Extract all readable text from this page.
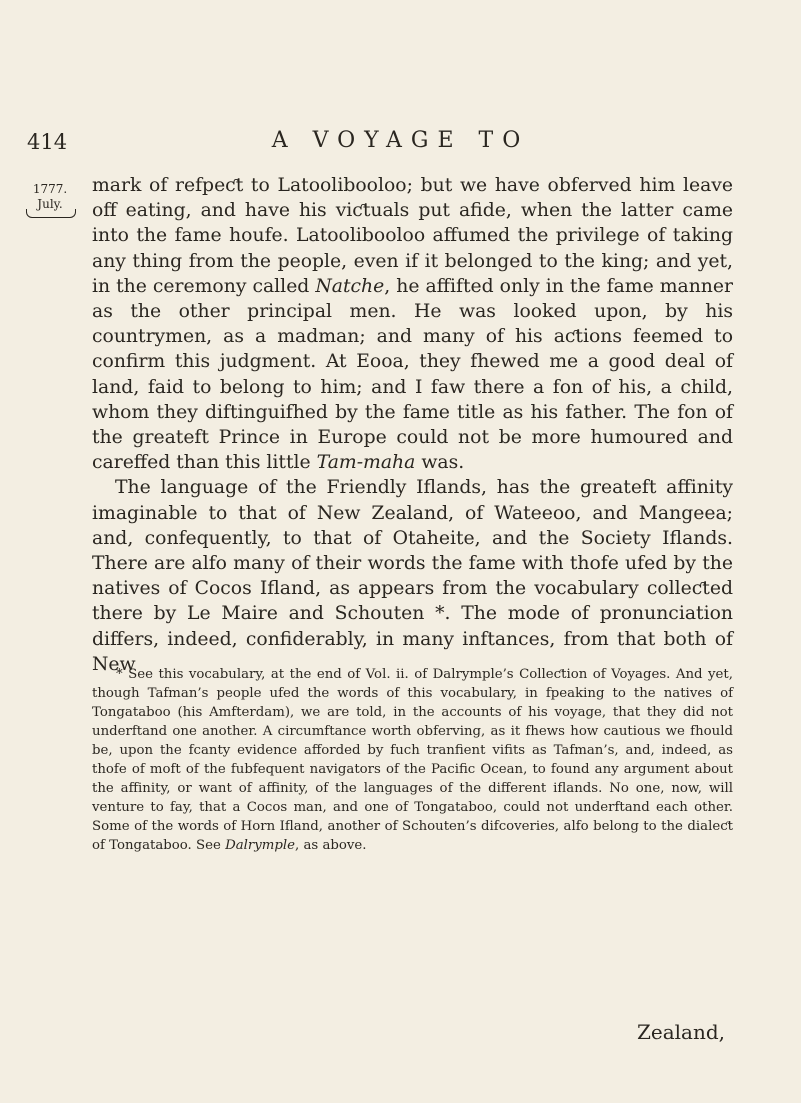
414	A VOYAGE TO
1777.
July.

mark of refpeƈt to Latoolibooloo; but we have obferved him leave off eating, and have his viƈtuals put afide, when the latter came into the fame houfe. Latoolibooloo affumed the privilege of taking any thing from the people, even if it belonged to the king; and yet, in the ceremony called Natche, he affifted only in the fame manner as the other principal men. He was looked upon, by his countrymen, as a madman; and many of his aƈtions feemed to confirm this judgment. At Eooa, they fhewed me a good deal of land, faid to belong to him; and I faw there a fon of his, a child, whom they diftinguifhed by the fame title as his father. The fon of the greateft Prince in Europe could not be more humoured and careffed than this little Tam-maha was.

The language of the Friendly Iflands, has the greateft affinity imaginable to that of New Zealand, of Wateeoo, and Mangeea; and, confequently, to that of Otaheite, and the Society Iflands. There are alfo many of their words the fame with thofe ufed by the natives of Cocos Ifland, as appears from the vocabulary colleƈted there by Le Maire and Schouten *. The mode of pronunciation differs, indeed, confiderably, in many inftances, from that both of New

* See this vocabulary, at the end of Vol. ii. of Dalrymple’s Colleƈtion of Voyages. And yet, though Tafman’s people ufed the words of this vocabulary, in fpeaking to the natives of Tongataboo (his Amfterdam), we are told, in the accounts of his voyage, that they did not underftand one another. A circumftance worth obferving, as it fhews how cautious we fhould be, upon the fcanty evidence afforded by fuch tranfient vifits as Tafman’s, and, indeed, as thofe of moft of the fubfequent navigators of the Pacific Ocean, to found any argument about the affinity, or want of affinity, of the languages of the different iflands. No one, now, will venture to fay, that a Cocos man, and one of Tongataboo, could not underftand each other. Some of the words of Horn Ifland, another of Schouten’s difcoveries, alfo belong to the dialeƈt of Tongataboo. See Dalrymple, as above.
Zealand,
